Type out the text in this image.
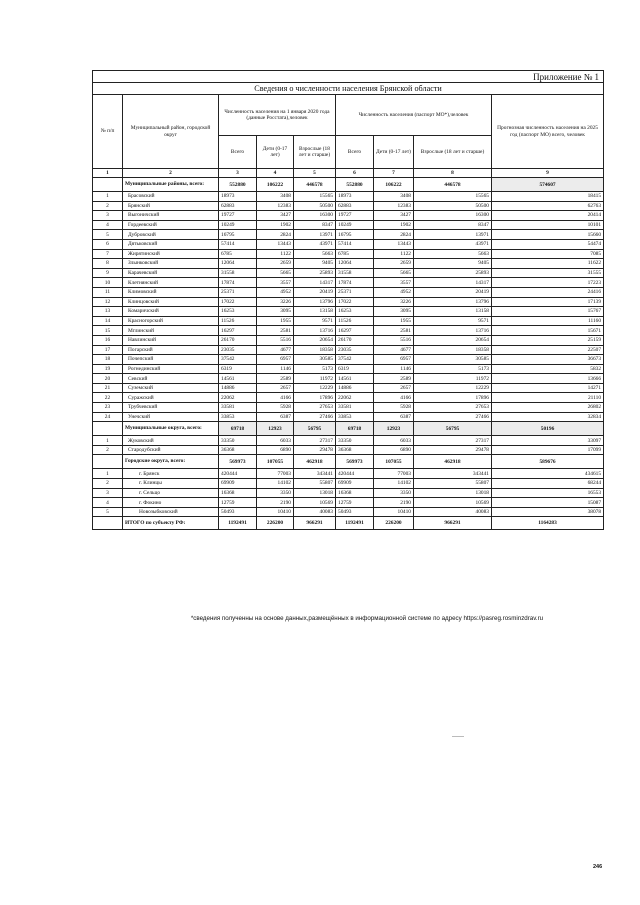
Приложение № 1								
Сведения о численности населения Брянской области								
№ п/п	Муниципальный район, городской округ	Численность населения на 1 января 2020 года (данные Росстата),человек			Численность населения (паспорт МО*),человек			Прогнозная численность населения на 2025 год (паспорт МО) всего, человек
		Всего	Дети (0-17 лет)	Взрослые (18 лет и старше)	Всего	Дети (0-17 лет)	Взрослые (18 лет и старше)	
1	2	3	4	5	6	7	8	9
	Муниципальные районы, всего:	552880	106222	446578	552880	106222	446578	574607
1	Брасовский	18973	3408	15565	18973	3408	15565	18415
2	Брянский	62883	12383	50500	62883	12383	50500	62763
3	Выгоничский	19727	3427	16300	19727	3427	16300	20414
4	Гордеевский	10249	1902	8347	10249	1902	8347	10101
5	Дубровский	16795	2824	13971	16795	2824	13971	15660
6	Дятьковский	57414	13443	43971	57414	13443	43971	54474
7	Жирятинский	6785	1122	5663	6785	1122	5663	7085
8	Злынковский	12064	2659	9405	12064	2659	9405	11622
9	Карачевский	31558	5665	25893	31558	5665	25893	31555
10	Клетнянский	17874	3557	14317	17874	3557	14317	17223
11	Климовский	25371	4952	20419	25371	4952	20419	24416
12	Клинцовский	17022	3226	13796	17022	3226	13796	17139
13	Комаричский	16253	3095	13158	16253	3095	13158	15767
14	Красногорский	11526	1955	9571	11526	1955	9571	11160
15	Мглинский	16297	2581	13716	16297	2581	13716	15671
16	Навлинский	26170	5516	20654	26170	5516	20654	25159
17	Погарский	23035	4677	18358	23035	4677	18358	22507
18	Почепский	37542	6957	30585	37542	6957	30585	36673
19	Рогнединский	6319	1146	5173	6319	1146	5173	5832
20	Севский	14561	2589	11972	14561	2589	11972	13666
21	Суземский	14886	2657	12229	14886	2657	12229	14271
22	Суражский	22062	4166	17896	22062	4166	17896	21110
23	Трубчевский	33581	5928	27653	33581	5928	27653	26802
24	Унечский	33853	6387	27466	33853	6387	27466	32834
	Муниципальные округа, всего:	69718	12923	56795	69718	12923	56795	50196
1	Жуковский	33350	6033	27317	33350	6033	27317	33097
2	Стародубский	36368	6890	29478	36368	6890	29478	17099
	Городские округа, всего:	569973	107055	462918	569973	107055	462918	589676
1	г. Брянск	420444	77003	343441	420444	77003	343441	434615
2	г. Клинцы	69909	14102	55807	69909	14102	55807	68244
3	г. Сельцо	16368	3350	13018	16368	3350	13018	16553
4	г. Фокино	12759	2190	10569	12759	2190	10569	15087
5	Новозыбковский	50493	10410	40083	50493	10410	40083	38078
	ИТОГО по субъекту РФ:	1192491	226200	966291	1192491	226200	966291	1164283
*сведения полученны на основе данных,размещённых в информационной системе по адресу https://pasreg.rosminzdrav.ru
246
